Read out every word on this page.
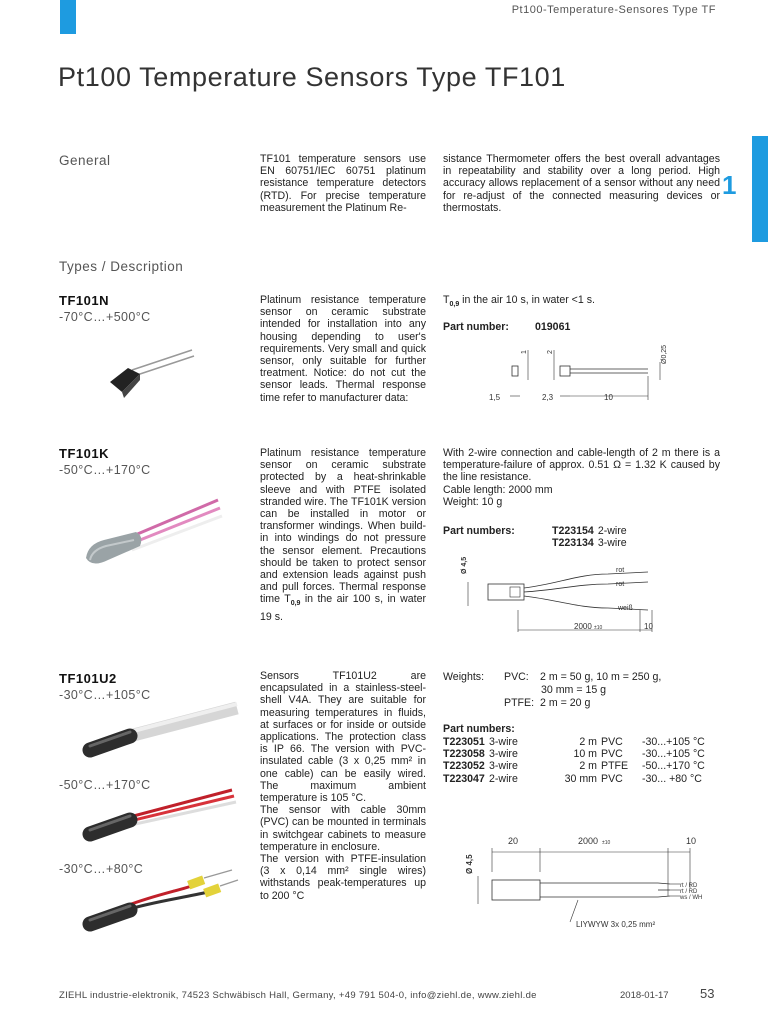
Pt100-Temperature-Sensores Type TF
1
Pt100 Temperature Sensors Type TF101
General	TF101 temperature sensors use EN 60751/IEC 60751 platinum resistance temperature detectors (RTD). For precise temperature measurement the Platinum Re-
sistance Thermometer offers the best overall advantages in repeatability and stability over a long period. High accuracy allows replacement of a sensor without any need for re-adjust of the connected measuring devices or thermostats.
Types / Description
TF101N
-70°C…+500°C
Platinum resistance temperature sensor on ceramic substrate intended for installation into any housing depending to user's requirements. Very small and quick sensor, only suitable for further treatment. Notice: do not cut the sensor leads. Thermal response time refer to manufacturer data:
$T_{0,9}$ in the air 10 s, in water <1 s.
Part number: 019061
1,5	2,3	10
1	2	Ø0,25
TF101K
-50°C…+170°C
Platinum resistance temperature sensor on ceramic substrate protected by a heat-shrinkable sleeve and with PTFE isolated stranded wire. The TF101K version can be installed in motor or transformer windings. When build-in into windings do not pressure the sensor element. Precautions should be taken to protect sensor and extension leads against push and pull forces. Thermal response time $T_{0,9}$ in the air 100 s, in water 19 s.
With 2-wire connection and cable-length of 2 m there is a temperature-failure of approx. 0.51 Ω = 1.32 K caused by the line resistance.
Cable length: 2000 mm
Weight: 10 g
Part numbers:	T223154	2-wire
T223134	3-wire
Ø 4,5	rot
rot
weiß
2000 ±10	10
TF101U2
-30°C…+105°C
-50°C…+170°C
-30°C…+80°C
Sensors TF101U2 are encapsulated in a stainless-steel-shell V4A. They are suitable for measuring temperatures in fluids, at surfaces or for inside or outside applications. The protection class is IP 66. The version with PVC-insulated cable (3 x 0,25 mm² in one cable) can be easily wired. The maximum ambient temperature is 105 °C.
The sensor with cable 30mm (PVC) can be mounted in terminals in switchgear cabinets to measure temperature in enclosure.
The version with PTFE-insulation (3 x 0,14 mm² single wires) withstands peak-temperatures up to 200 °C
Weights: PVC: 2 m = 50 g, 10 m = 250 g,
30 mm = 15 g
PTFE: 2 m = 20 g
Part numbers:
T223051 3-wire	2 m PVC -30...+105 °C
T223058 3-wire	10 m PVC -30...+105 °C
T223052 3-wire	2 m PTFE -50...+170 °C
T223047 2-wire	30 mm PVC -30... +80 °C
20	2000 ±10	10
Ø 4,5
rt / RD
rt / RD
ws / WH
LIYWYW 3x 0,25 mm²
ZIEHL industrie-elektronik, 74523 Schwäbisch Hall, Germany, +49 791 504-0, info@ziehl.de, www.ziehl.de	2018-01-17 53
